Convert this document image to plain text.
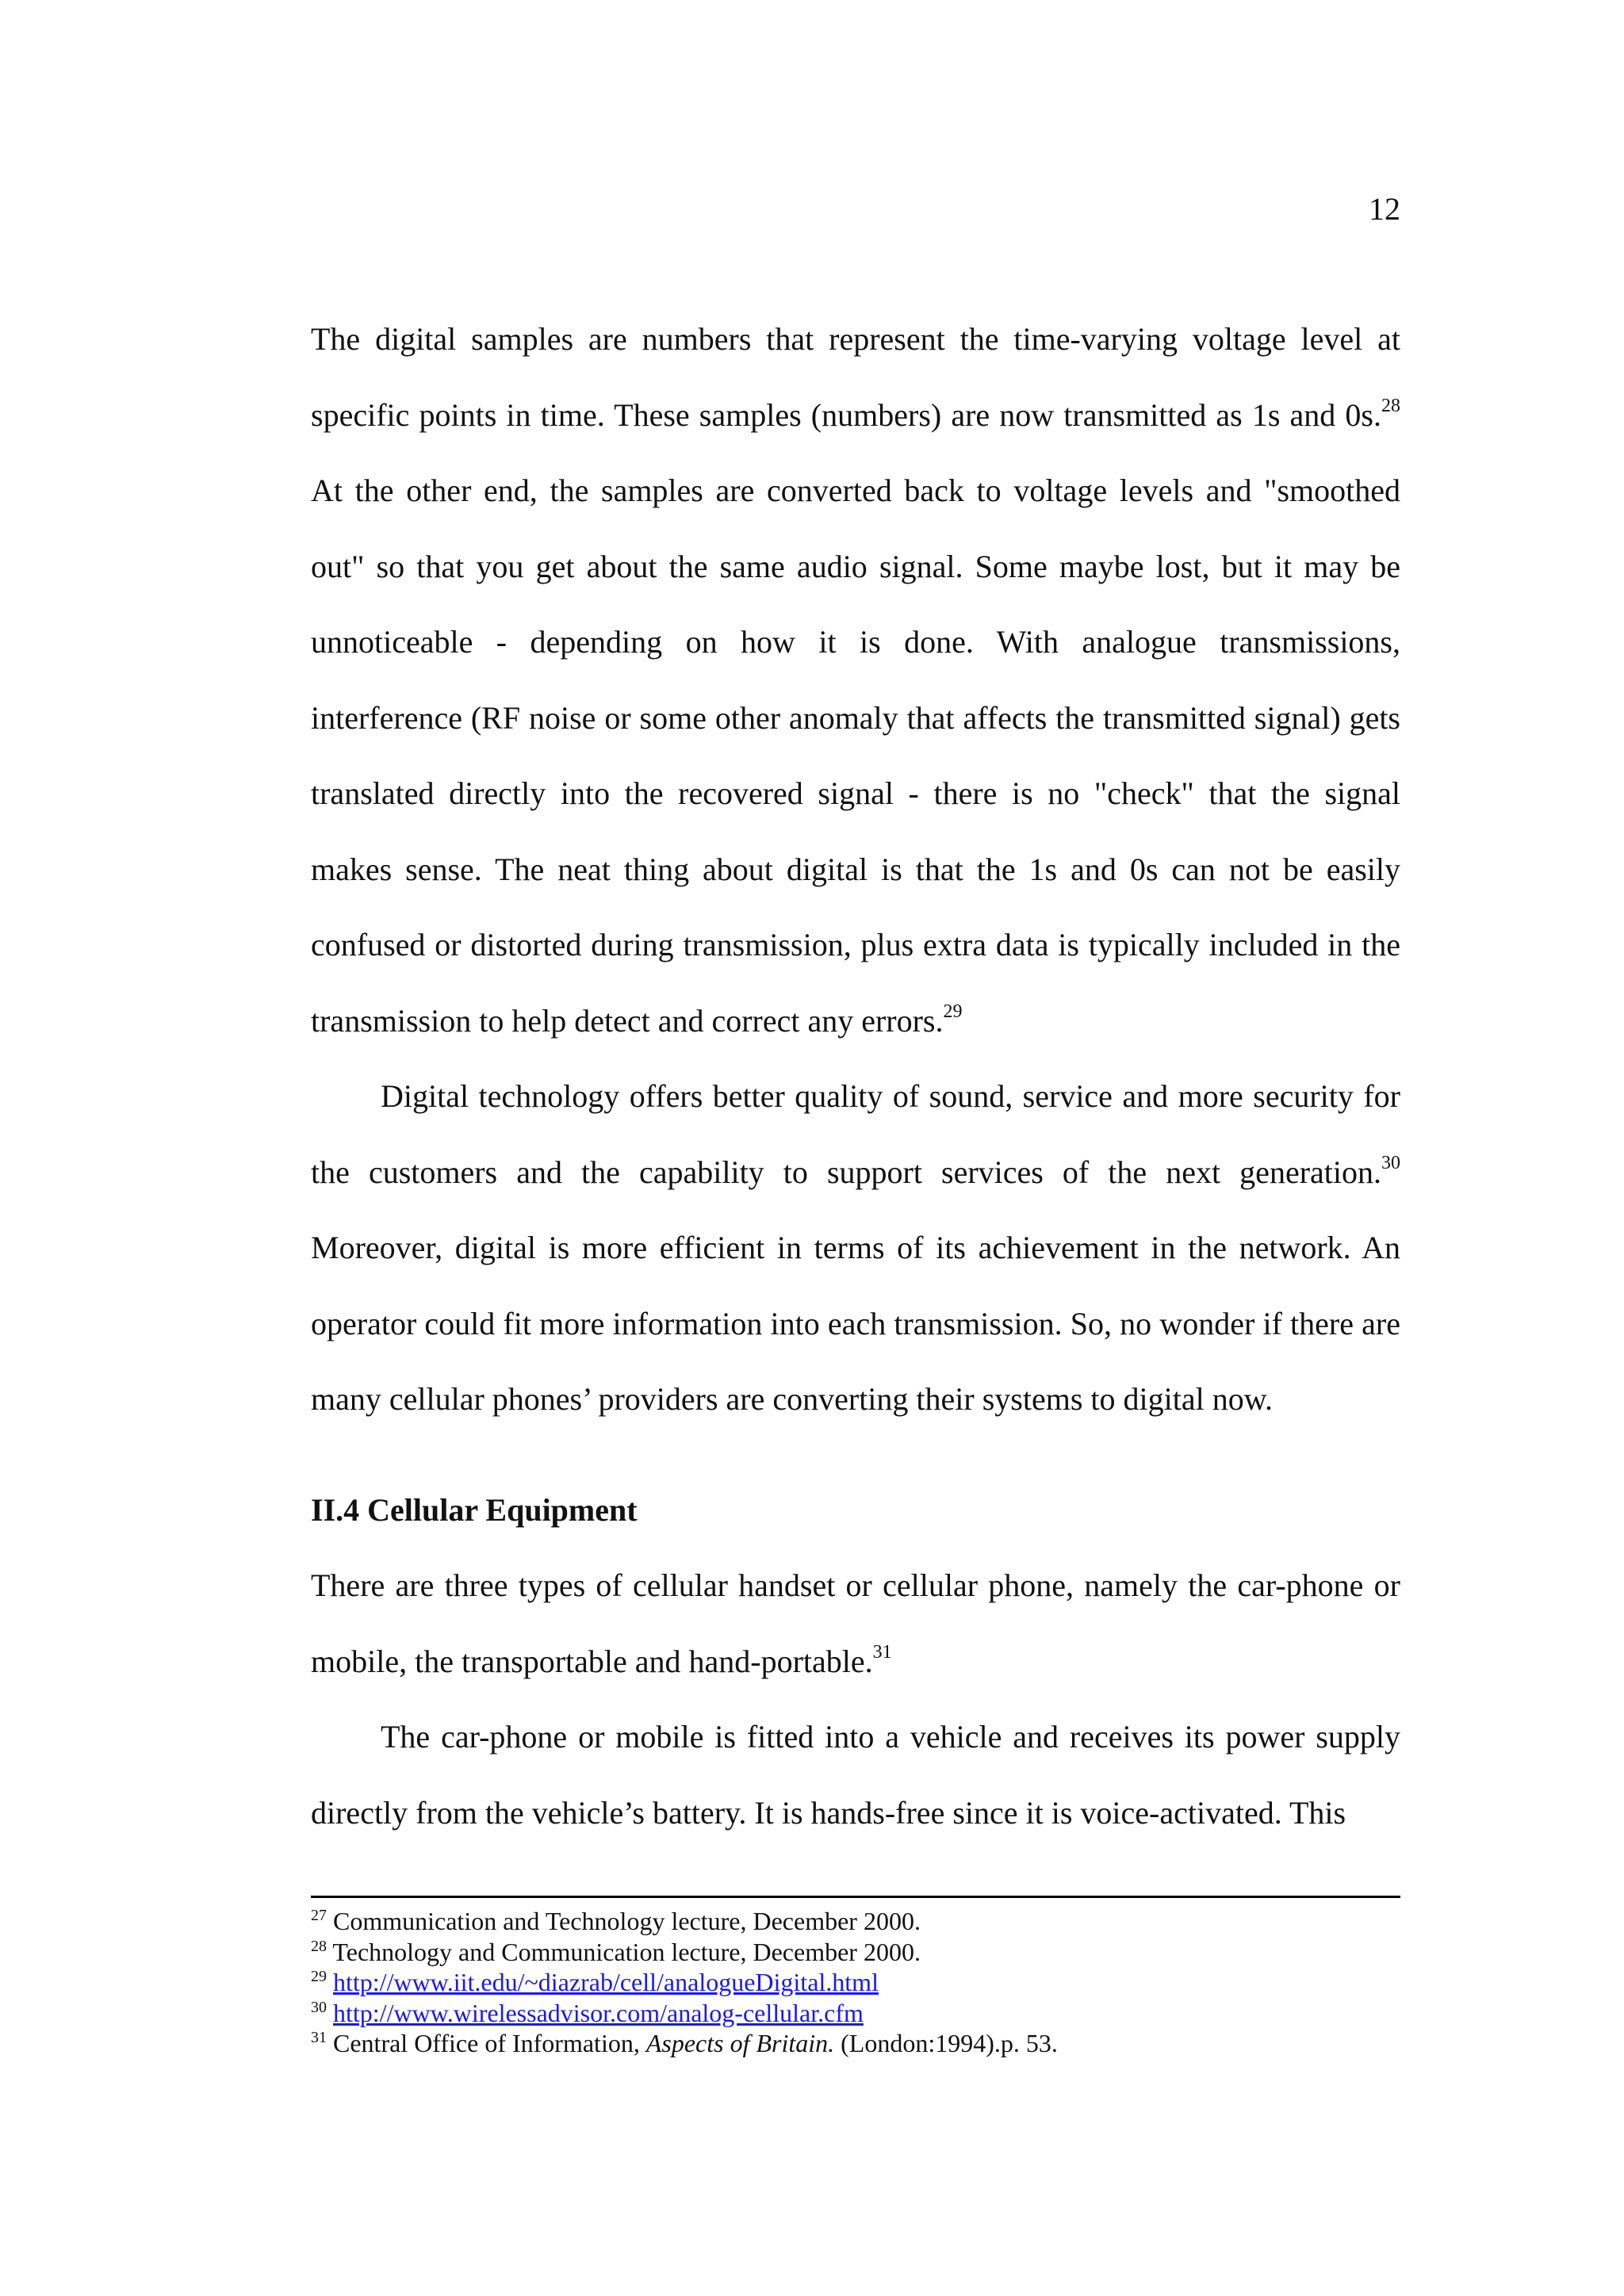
12

The digital samples are numbers that represent the time-varying voltage level at specific points in time. These samples (numbers) are now transmitted as 1s and 0s.$^{28}$ At the other end, the samples are converted back to voltage levels and "smoothed out" so that you get about the same audio signal. Some maybe lost, but it may be unnoticeable - depending on how it is done. With analogue transmissions, interference (RF noise or some other anomaly that affects the transmitted signal) gets translated directly into the recovered signal - there is no "check" that the signal makes sense. The neat thing about digital is that the 1s and 0s can not be easily confused or distorted during transmission, plus extra data is typically included in the transmission to help detect and correct any errors.$^{29}$

Digital technology offers better quality of sound, service and more security for the customers and the capability to support services of the next generation.$^{30}$ Moreover, digital is more efficient in terms of its achievement in the network. An operator could fit more information into each transmission. So, no wonder if there are many cellular phones’ providers are converting their systems to digital now.

II.4 Cellular Equipment

There are three types of cellular handset or cellular phone, namely the car-phone or mobile, the transportable and hand-portable.$^{31}$

The car-phone or mobile is fitted into a vehicle and receives its power supply directly from the vehicle’s battery. It is hands-free since it is voice-activated. This

$^{27}$ Communication and Technology lecture, December 2000.
$^{28}$ Technology and Communication lecture, December 2000.
$^{29}$ http://www.iit.edu/~diazrab/cell/analogueDigital.html
$^{30}$ http://www.wirelessadvisor.com/analog-cellular.cfm
$^{31}$ Central Office of Information, Aspects of Britain. (London:1994).p. 53.
